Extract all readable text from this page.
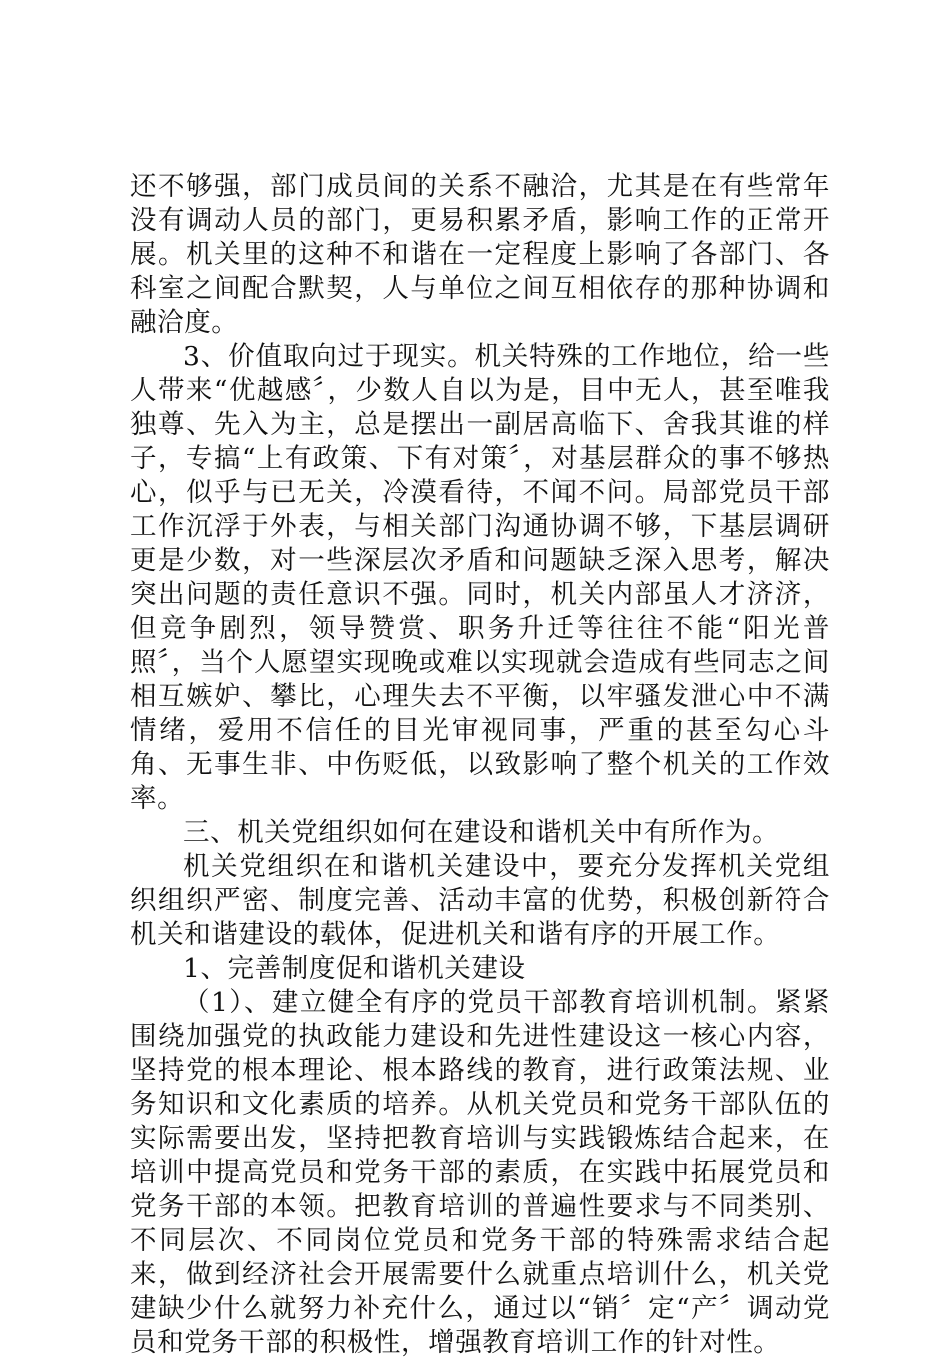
还不够强，部门成员间的关系不融洽，尤其是在有些常年没有调动人员的部门，更易积累矛盾，影响工作的正常开展。机关里的这种不和谐在一定程度上影响了各部门、各科室之间配合默契，人与单位之间互相依存的那种协调和融洽度。

3、价值取向过于现实。机关特殊的工作地位，给一些人带来“优越感〞，少数人自以为是，目中无人，甚至唯我独尊、先入为主，总是摆出一副居高临下、舍我其谁的样子，专搞“上有政策、下有对策〞，对基层群众的事不够热心，似乎与已无关，冷漠看待，不闻不问。局部党员干部工作沉浮于外表，与相关部门沟通协调不够，下基层调研更是少数，对一些深层次矛盾和问题缺乏深入思考，解决突出问题的责任意识不强。同时，机关内部虽人才济济，但竞争剧烈，领导赞赏、职务升迁等往往不能“阳光普照〞，当个人愿望实现晚或难以实现就会造成有些同志之间相互嫉妒、攀比，心理失去不平衡，以牢骚发泄心中不满情绪，爱用不信任的目光审视同事，严重的甚至勾心斗角、无事生非、中伤贬低，以致影响了整个机关的工作效率。

三、机关党组织如何在建设和谐机关中有所作为。

机关党组织在和谐机关建设中，要充分发挥机关党组织组织严密、制度完善、活动丰富的优势，积极创新符合机关和谐建设的载体，促进机关和谐有序的开展工作。

1、完善制度促和谐机关建设

（1）、建立健全有序的党员干部教育培训机制。紧紧围绕加强党的执政能力建设和先进性建设这一核心内容，坚持党的根本理论、根本路线的教育，进行政策法规、业务知识和文化素质的培养。从机关党员和党务干部队伍的实际需要出发，坚持把教育培训与实践锻炼结合起来，在培训中提高党员和党务干部的素质，在实践中拓展党员和党务干部的本领。把教育培训的普遍性要求与不同类别、不同层次、不同岗位党员和党务干部的特殊需求结合起来，做到经济社会开展需要什么就重点培训什么，机关党建缺少什么就努力补充什么，通过以“销〞定“产〞调动党员和党务干部的积极性，增强教育培训工作的针对性。
